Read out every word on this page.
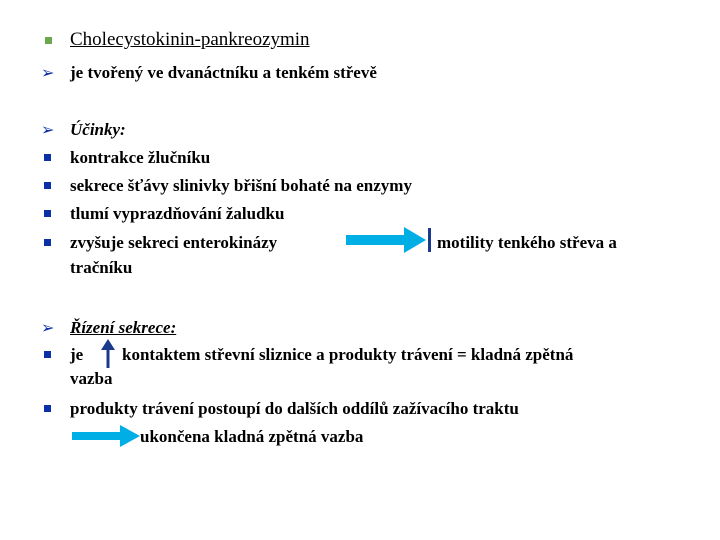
Cholecystokinin-pankreozymin
➢ je tvořený ve dvanáctníku a tenkém střevě
➢ Účinky:
kontrakce žlučníku
sekrece šťávy slinivky břišní bohaté na enzymy
tlumí vyprazdňování žaludku
zvyšuje sekreci enterokinázy	motility tenkého střeva a
tračníku
➢ Řízení sekrece:
je kontaktem střevní sliznice a produkty trávení = kladná zpětná
vazba
produkty trávení postoupí do dalších oddílů zažívacího traktu
ukončena kladná zpětná vazba
